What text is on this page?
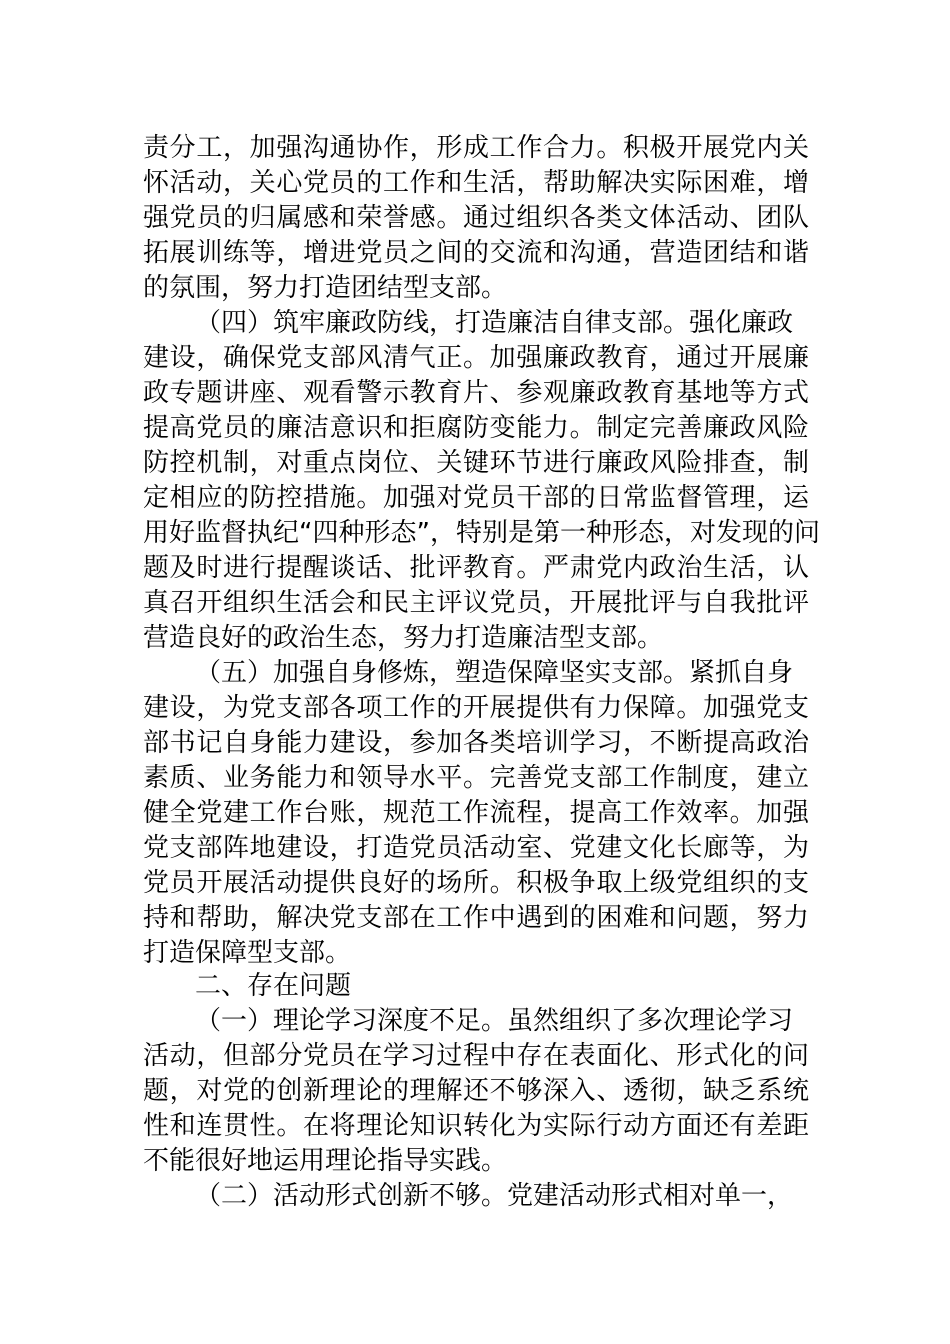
责分工，加强沟通协作，形成工作合力。积极开展党内关
怀活动，关心党员的工作和生活，帮助解决实际困难，增
强党员的归属感和荣誉感。通过组织各类文体活动、团队
拓展训练等，增进党员之间的交流和沟通，营造团结和谐
的氛围，努力打造团结型支部。
（四）筑牢廉政防线，打造廉洁自律支部。强化廉政
建设，确保党支部风清气正。加强廉政教育，通过开展廉
政专题讲座、观看警示教育片、参观廉政教育基地等方式
提高党员的廉洁意识和拒腐防变能力。制定完善廉政风险
防控机制，对重点岗位、关键环节进行廉政风险排查，制
定相应的防控措施。加强对党员干部的日常监督管理，运
用好监督执纪“四种形态”，特别是第一种形态，对发现的问
题及时进行提醒谈话、批评教育。严肃党内政治生活，认
真召开组织生活会和民主评议党员，开展批评与自我批评
营造良好的政治生态，努力打造廉洁型支部。
（五）加强自身修炼，塑造保障坚实支部。紧抓自身
建设，为党支部各项工作的开展提供有力保障。加强党支
部书记自身能力建设，参加各类培训学习，不断提高政治
素质、业务能力和领导水平。完善党支部工作制度，建立
健全党建工作台账，规范工作流程，提高工作效率。加强
党支部阵地建设，打造党员活动室、党建文化长廊等，为
党员开展活动提供良好的场所。积极争取上级党组织的支
持和帮助，解决党支部在工作中遇到的困难和问题，努力
打造保障型支部。
二、存在问题
（一）理论学习深度不足。虽然组织了多次理论学习
活动，但部分党员在学习过程中存在表面化、形式化的问
题，对党的创新理论的理解还不够深入、透彻，缺乏系统
性和连贯性。在将理论知识转化为实际行动方面还有差距
不能很好地运用理论指导实践。
（二）活动形式创新不够。党建活动形式相对单一，
